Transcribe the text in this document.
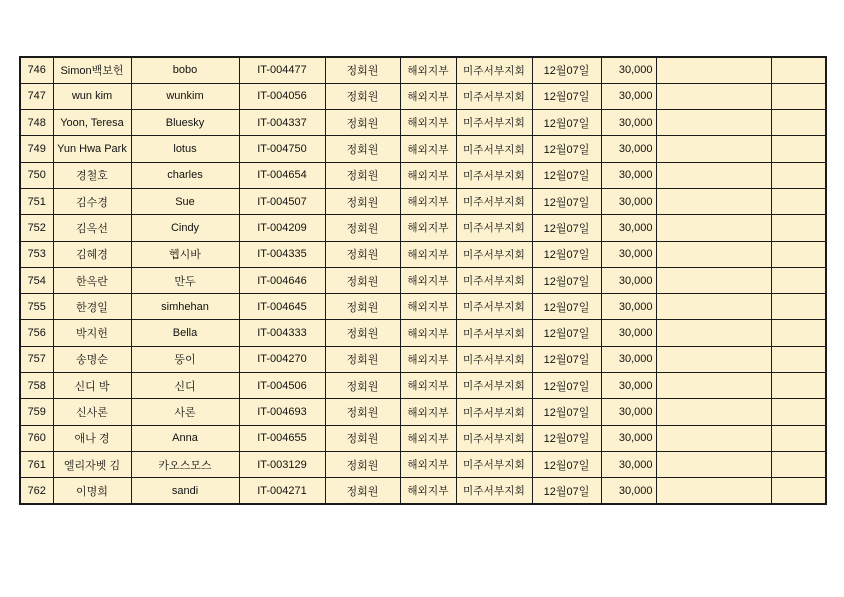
746	Simon백보헌	bobo	IT-004477	정회원	해외지부	미주서부지회	12월07일	30,000		
747	wun kim	wunkim	IT-004056	정회원	해외지부	미주서부지회	12월07일	30,000		
748	Yoon, Teresa	Bluesky	IT-004337	정회원	해외지부	미주서부지회	12월07일	30,000		
749	Yun Hwa Park	lotus	IT-004750	정회원	해외지부	미주서부지회	12월07일	30,000		
750	경철호	charles	IT-004654	정회원	해외지부	미주서부지회	12월07일	30,000		
751	김수경	Sue	IT-004507	정회원	해외지부	미주서부지회	12월07일	30,000		
752	김옥선	Cindy	IT-004209	정회원	해외지부	미주서부지회	12월07일	30,000		
753	김혜경	헵시바	IT-004335	정회원	해외지부	미주서부지회	12월07일	30,000		
754	한옥란	만두	IT-004646	정회원	해외지부	미주서부지회	12월07일	30,000		
755	한경일	simhehan	IT-004645	정회원	해외지부	미주서부지회	12월07일	30,000		
756	박지헌	Bella	IT-004333	정회원	해외지부	미주서부지회	12월07일	30,000		
757	송명순	뚱이	IT-004270	정회원	해외지부	미주서부지회	12월07일	30,000		
758	신디 박	신디	IT-004506	정회원	해외지부	미주서부지회	12월07일	30,000		
759	신사론	사론	IT-004693	정회원	해외지부	미주서부지회	12월07일	30,000		
760	애나 경	Anna	IT-004655	정회원	해외지부	미주서부지회	12월07일	30,000		
761	엘리자벳 김	카오스모스	IT-003129	정회원	해외지부	미주서부지회	12월07일	30,000		
762	이명희	sandi	IT-004271	정회원	해외지부	미주서부지회	12월07일	30,000		
